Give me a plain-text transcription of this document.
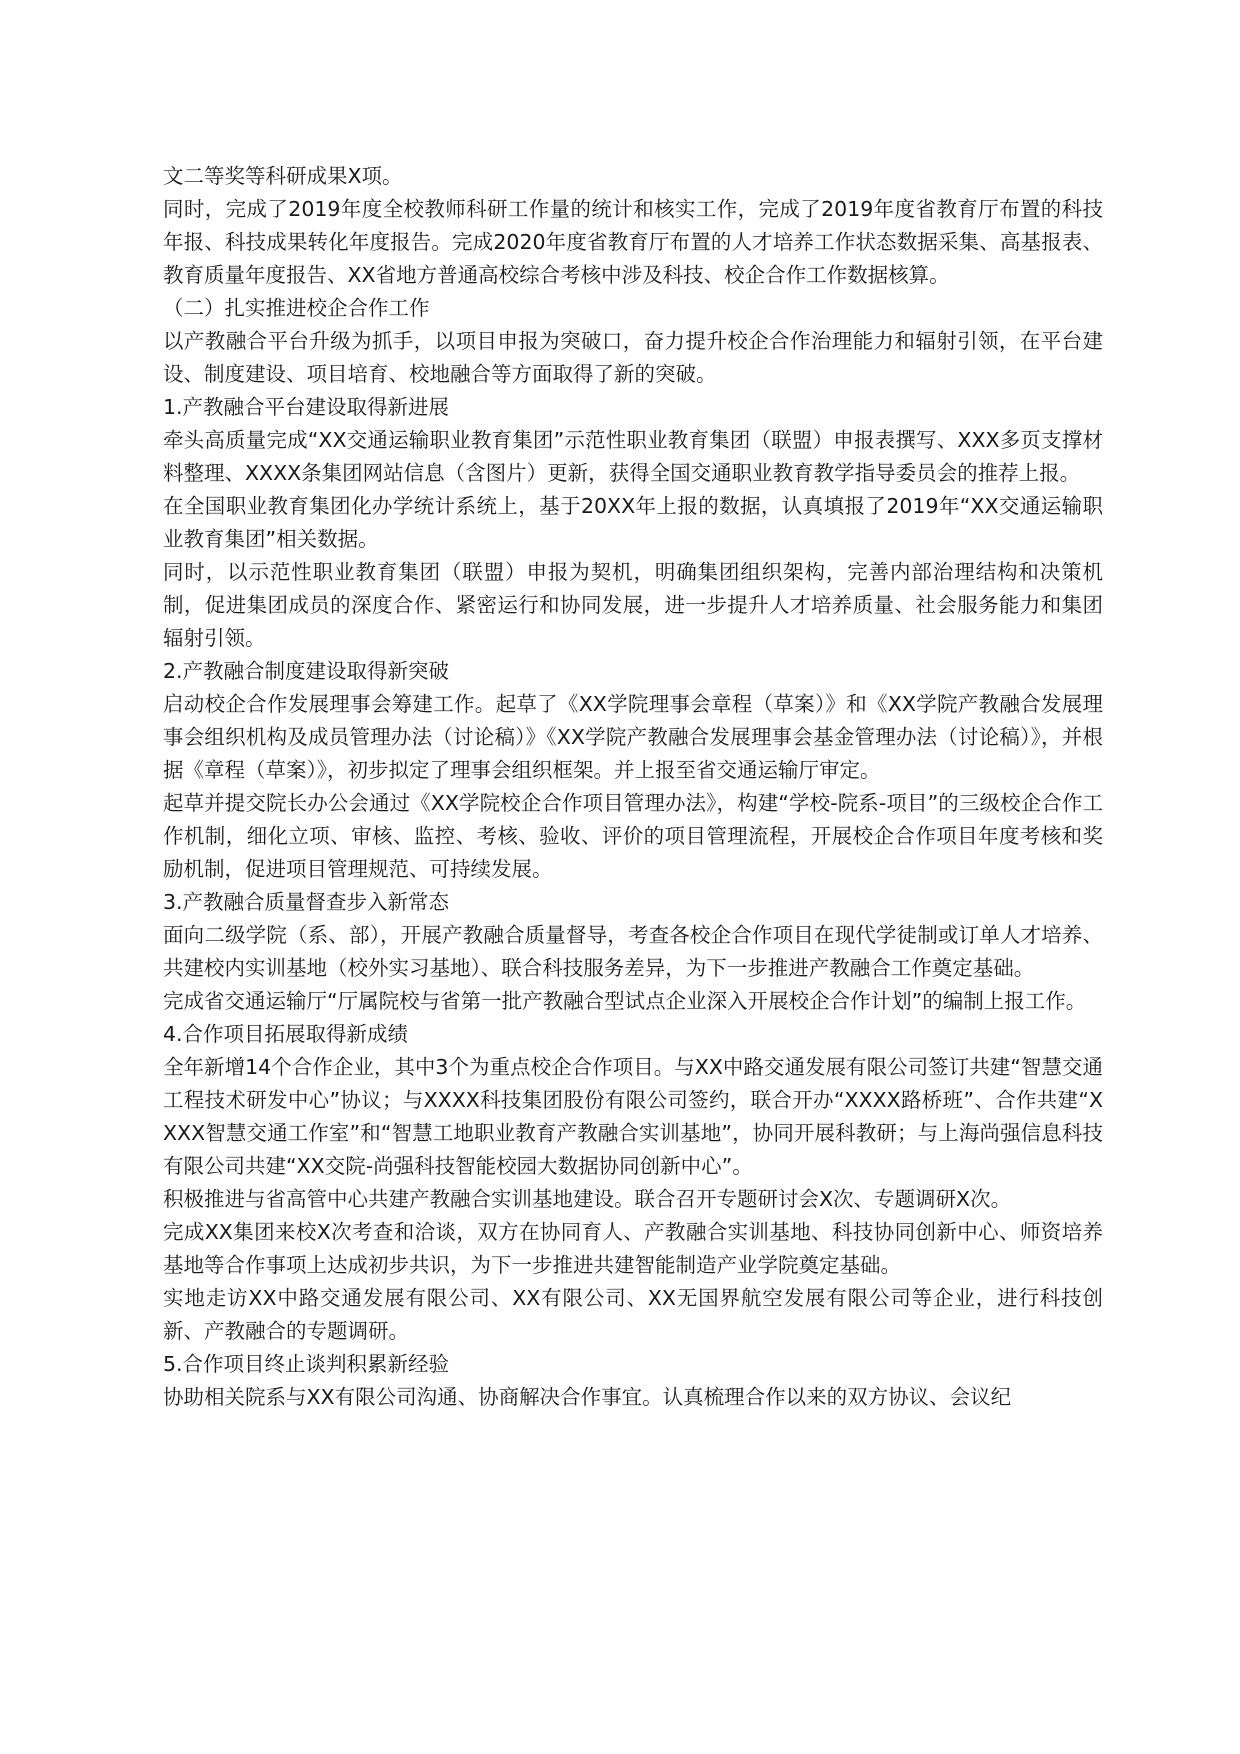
文二等奖等科研成果X项。

同时，完成了2019年度全校教师科研工作量的统计和核实工作，完成了2019年度省教育厅布置的科技年报、科技成果转化年度报告。完成2020年度省教育厅布置的人才培养工作状态数据采集、高基报表、教育质量年度报告、XX省地方普通高校综合考核中涉及科技、校企合作工作数据核算。

（二）扎实推进校企合作工作

以产教融合平台升级为抓手，以项目申报为突破口，奋力提升校企合作治理能力和辐射引领，在平台建设、制度建设、项目培育、校地融合等方面取得了新的突破。

1.产教融合平台建设取得新进展

牵头高质量完成“XX交通运输职业教育集团”示范性职业教育集团（联盟）申报表撰写、XXX多页支撑材料整理、XXXX条集团网站信息（含图片）更新，获得全国交通职业教育教学指导委员会的推荐上报。

在全国职业教育集团化办学统计系统上，基于20XX年上报的数据，认真填报了2019年“XX交通运输职业教育集团”相关数据。

同时，以示范性职业教育集团（联盟）申报为契机，明确集团组织架构，完善内部治理结构和决策机制，促进集团成员的深度合作、紧密运行和协同发展，进一步提升人才培养质量、社会服务能力和集团辐射引领。

2.产教融合制度建设取得新突破

启动校企合作发展理事会筹建工作。起草了《XX学院理事会章程（草案）》和《XX学院产教融合发展理事会组织机构及成员管理办法（讨论稿）》《XX学院产教融合发展理事会基金管理办法（讨论稿）》，并根据《章程（草案）》，初步拟定了理事会组织框架。并上报至省交通运输厅审定。

起草并提交院长办公会通过《XX学院校企合作项目管理办法》，构建“学校-院系-项目”的三级校企合作工作机制，细化立项、审核、监控、考核、验收、评价的项目管理流程，开展校企合作项目年度考核和奖励机制，促进项目管理规范、可持续发展。

3.产教融合质量督查步入新常态

面向二级学院（系、部），开展产教融合质量督导，考查各校企合作项目在现代学徒制或订单人才培养、共建校内实训基地（校外实习基地）、联合科技服务差异，为下一步推进产教融合工作奠定基础。

完成省交通运输厅“厅属院校与省第一批产教融合型试点企业深入开展校企合作计划”的编制上报工作。

4.合作项目拓展取得新成绩

全年新增14个合作企业，其中3个为重点校企合作项目。与XX中路交通发展有限公司签订共建“智慧交通工程技术研发中心”协议；与XXXX科技集团股份有限公司签约，联合开办“XXXX路桥班”、合作共建“XXXX智慧交通工作室”和“智慧工地职业教育产教融合实训基地”，协同开展科教研；与上海尚强信息科技有限公司共建“XX交院-尚强科技智能校园大数据协同创新中心”。

积极推进与省高管中心共建产教融合实训基地建设。联合召开专题研讨会X次、专题调研X次。

完成XX集团来校X次考查和洽谈，双方在协同育人、产教融合实训基地、科技协同创新中心、师资培养基地等合作事项上达成初步共识，为下一步推进共建智能制造产业学院奠定基础。

实地走访XX中路交通发展有限公司、XX有限公司、XX无国界航空发展有限公司等企业，进行科技创新、产教融合的专题调研。

5.合作项目终止谈判积累新经验

协助相关院系与XX有限公司沟通、协商解决合作事宜。认真梳理合作以来的双方协议、会议纪
